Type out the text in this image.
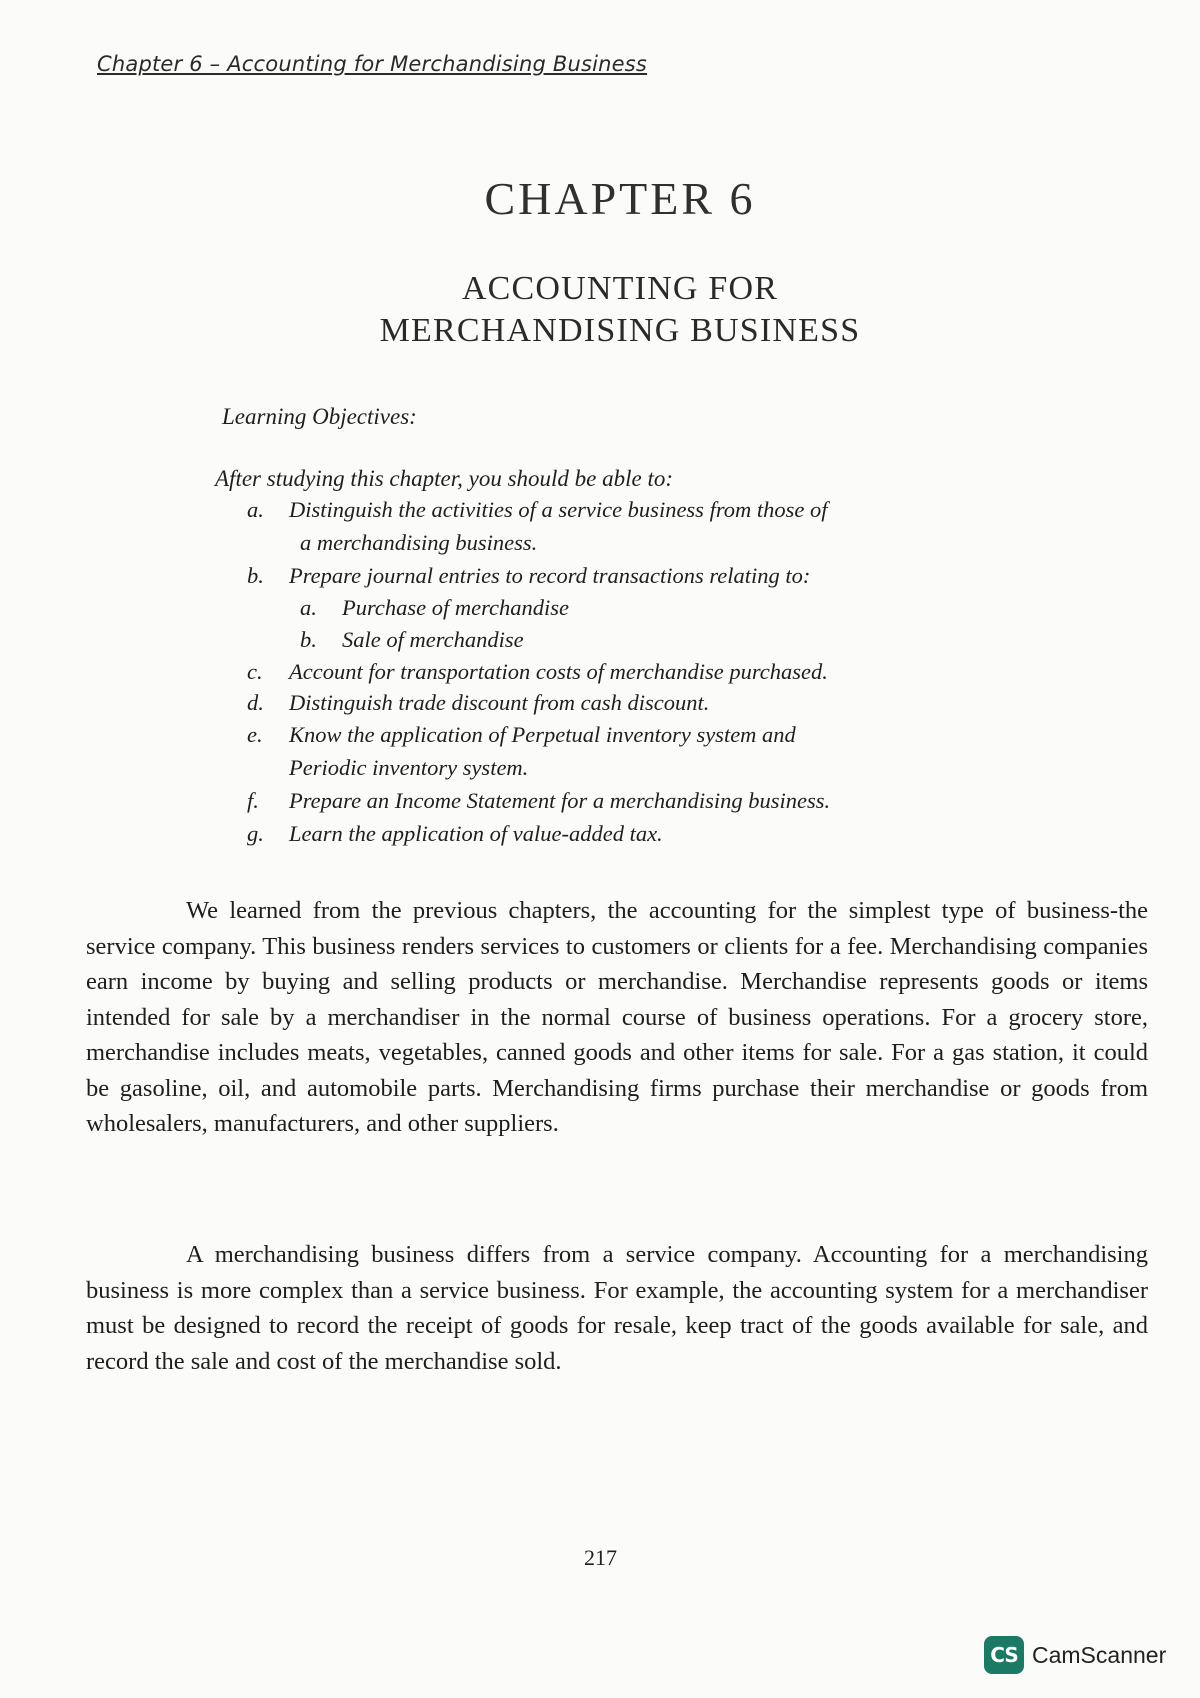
Chapter 6 – Accounting for Merchandising Business
CHAPTER 6
ACCOUNTING FOR
MERCHANDISING BUSINESS
Learning Objectives:
After studying this chapter, you should be able to:
a. Distinguish the activities of a service business from those of
a merchandising business.
b. Prepare journal entries to record transactions relating to:
a. Purchase of merchandise
b. Sale of merchandise
c. Account for transportation costs of merchandise purchased.
d. Distinguish trade discount from cash discount.
e. Know the application of Perpetual inventory system and
Periodic inventory system.
f. Prepare an Income Statement for a merchandising business.
g. Learn the application of value-added tax.
We learned from the previous chapters, the accounting for the simplest type of business-the service company. This business renders services to customers or clients for a fee. Merchandising companies earn income by buying and selling products or merchandise. Merchandise represents goods or items intended for sale by a merchandiser in the normal course of business operations. For a grocery store, merchandise includes meats, vegetables, canned goods and other items for sale. For a gas station, it could be gasoline, oil, and automobile parts. Merchandising firms purchase their merchandise or goods from wholesalers, manufacturers, and other suppliers.
A merchandising business differs from a service company. Accounting for a merchandising business is more complex than a service business. For example, the accounting system for a merchandiser must be designed to record the receipt of goods for resale, keep tract of the goods available for sale, and record the sale and cost of the merchandise sold.
217
CS CamScanner
